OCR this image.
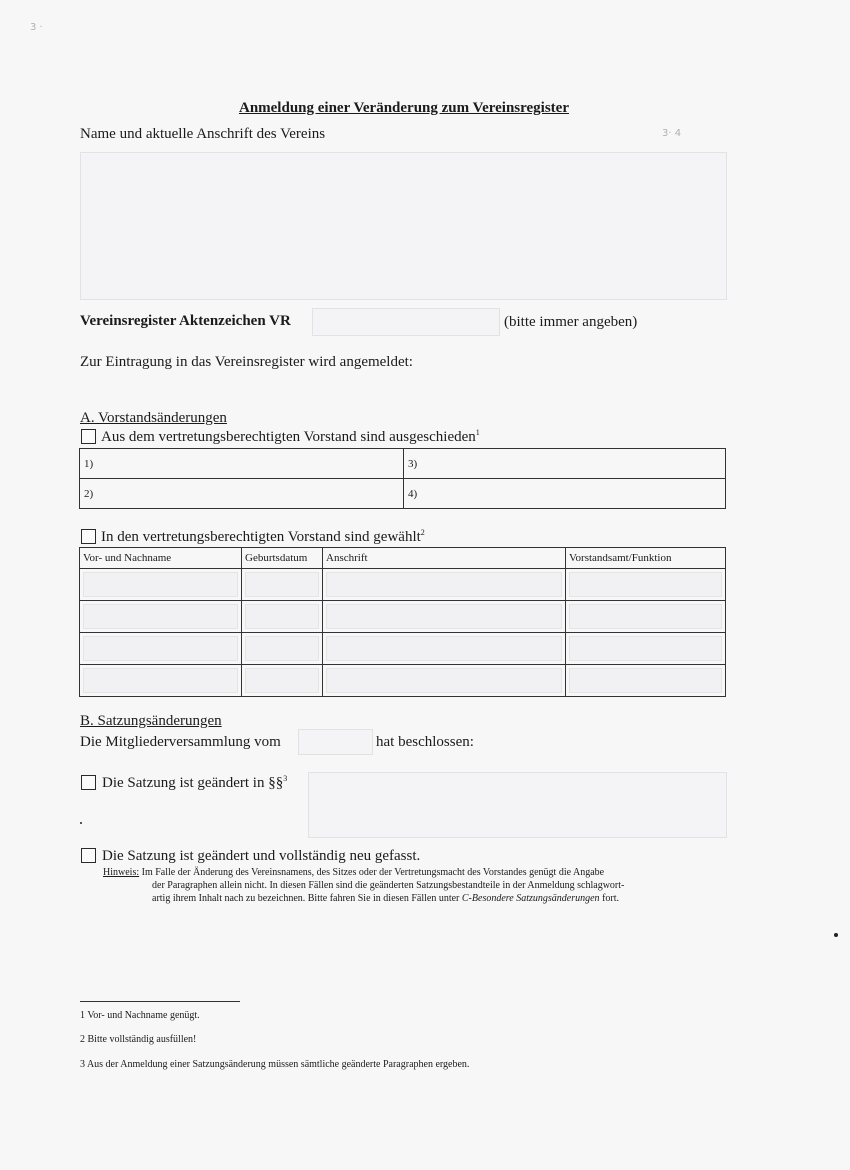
3 ·
3· 4
Anmeldung einer Veränderung zum Vereinsregister
Name und aktuelle Anschrift des Vereins
Vereinsregister Aktenzeichen VR	(bitte immer angeben)
Zur Eintragung in das Vereinsregister wird angemeldet:
A. Vorstandsänderungen
Aus dem vertretungsberechtigten Vorstand sind ausgeschieden$^1$
1)	3)
2)	4)
In den vertretungsberechtigten Vorstand sind gewählt$^2$
Vor- und Nachname	Geburtsdatum	Anschrift	Vorstandsamt/Funktion

B. Satzungsänderungen
Die Mitgliederversammlung vom	hat beschlossen:
Die Satzung ist geändert in §§$^3$
Die Satzung ist geändert und vollständig neu gefasst.
Hinweis: Im Falle der Änderung des Vereinsnamens, des Sitzes oder der Vertretungsmacht des Vorstandes genügt die Angabe
der Paragraphen allein nicht. In diesen Fällen sind die geänderten Satzungsbestandteile in der Anmeldung schlagwort-
artig ihrem Inhalt nach zu bezeichnen. Bitte fahren Sie in diesen Fällen unter C-Besondere Satzungsänderungen fort.
1 Vor- und Nachname genügt.
2 Bitte vollständig ausfüllen!
3 Aus der Anmeldung einer Satzungsänderung müssen sämtliche geänderte Paragraphen ergeben.
